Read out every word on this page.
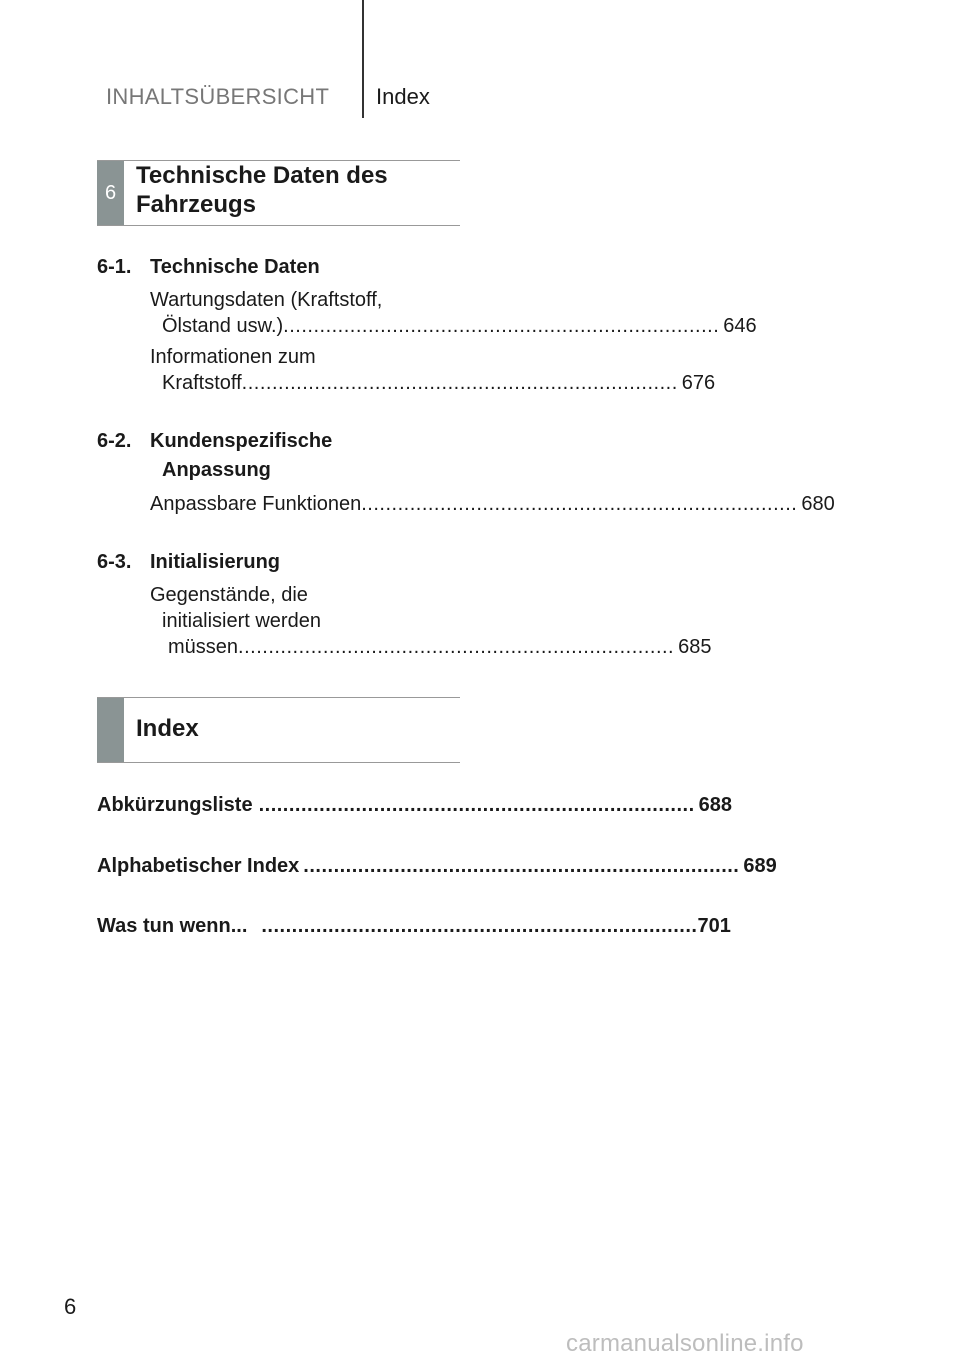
INHALTSÜBERSICHT Index
6
Technische Daten des
Fahrzeugs
6-1. Technische Daten
Wartungsdaten (Kraftstoff,
Ölstand usw.) ........................................................................ 646
Informationen zum
Kraftstoff ........................................................................ 676
6-2. Kundenspezifische
Anpassung
Anpassbare Funktionen ........................................................................ 680
6-3. Initialisierung
Gegenstände, die
initialisiert werden
müssen ........................................................................ 685
Index
Abkürzungsliste ........................................................................ 688
Alphabetischer Index ........................................................................ 689
Was tun wenn... ........................................................................ 701
6
carmanualsonline.info
